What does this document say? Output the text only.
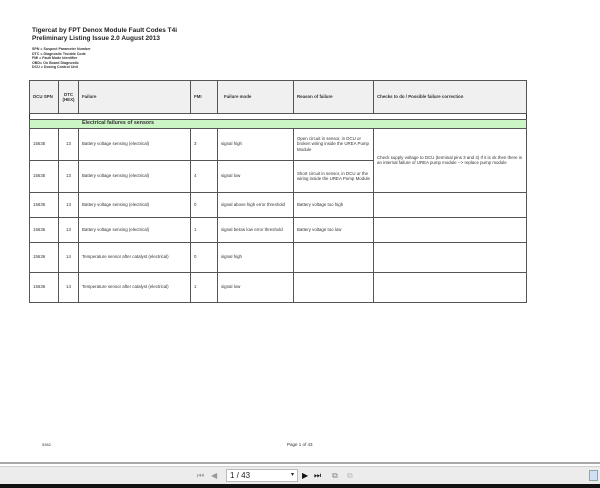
Tigercat by FPT Denox Module Fault Codes T4i
Preliminary Listing Issue 2.0 August 2013
SPN = Suspect Parameter Number
DTC = Diagnostic Trouble Code
FMI = Fault Mode Identifier
OBD= On Board Diagnostic
DCU = Dosing Control Unit
DCU SPN	DTC (HEX)	Failure	FMI	Failure mode	Reason of failure	Checks to do / Possible failure correction

Electrical failures of sensors						
15635	13	Battery voltage sensing (electrical)	3	signal high	Open circuit in sensor, in DCU or broken wiring inside the UREA Pump Module	Check supply voltage to DCU (terminal pins 3 and 4) If it is ok then there is an internal failure of UREA pump module --> replace pump module
15635	13	Battery voltage sensing (electrical)	4	signal low	Short circuit in sensor, in DCU or the wiring inside the UREA Pump Module	
15635	13	Battery voltage sensing (electrical)	0	signal above high error threshold	Battery voltage too high	
15636	13	Battery voltage sensing (electrical)	1	signal below low error threshold	Battery voltage too low	
15636	14	Temperature sensor after catalyst (electrical)	0	signal high		
15636	14	Temperature sensor after catalyst (electrical)	1	signal low		
5362	Page 1 of 43
⏮ ◀	1 / 43	▾ ▶ ⏭ ⧉ ⧉
